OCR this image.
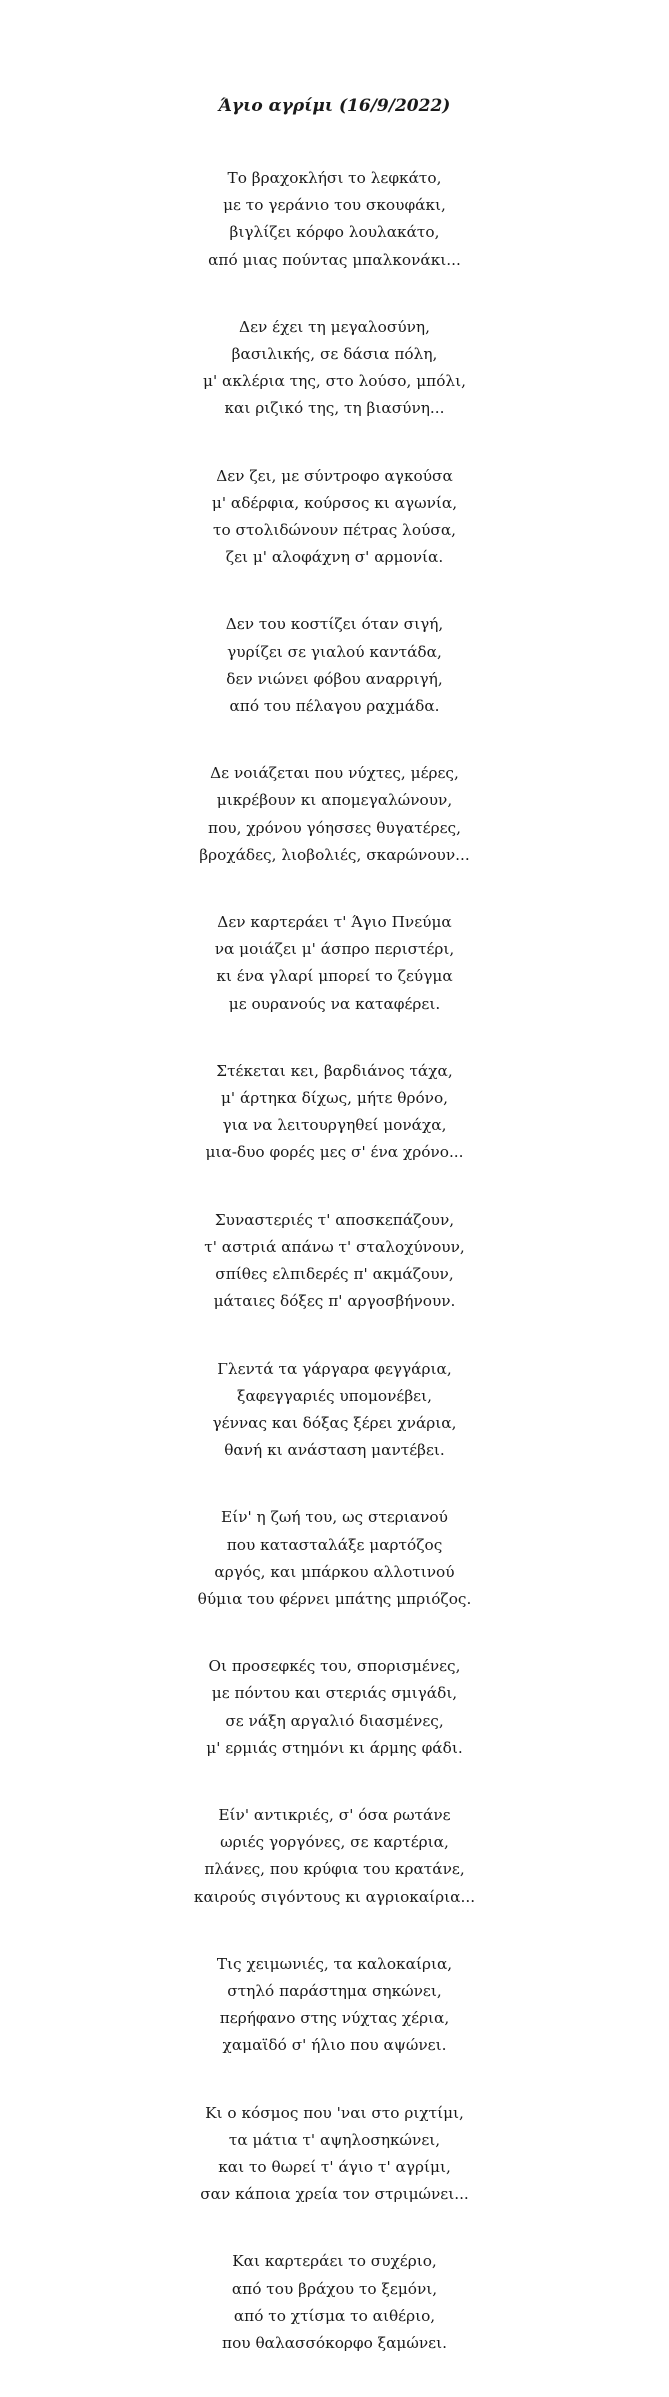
Άγιο αγρίμι (16/9/2022)
Το βραχοκλήσι το λεφκάτο,
με το γεράνιο του σκουφάκι,
βιγλίζει κόρφο λουλακάτο,
από μιας πούντας μπαλκονάκι...
Δεν έχει τη μεγαλοσύνη,
βασιλικής, σε δάσια πόλη,
μ' ακλέρια της, στο λούσο, μπόλι,
και ριζικό της, τη βιασύνη...
Δεν ζει, με σύντροφο αγκούσα
μ' αδέρφια, κούρσος κι αγωνία,
το στολιδώνουν πέτρας λούσα,
ζει μ' αλοφάχνη σ' αρμονία.
Δεν του κοστίζει όταν σιγή,
γυρίζει σε γιαλού καντάδα,
δεν νιώνει φόβου αναρριγή,
από του πέλαγου ραχμάδα.
Δε νοιάζεται που νύχτες, μέρες,
μικρέβουν κι απομεγαλώνουν,
που, χρόνου γόησσες θυγατέρες,
βροχάδες, λιοβολιές, σκαρώνουν...
Δεν καρτεράει τ' Άγιο Πνεύμα
να μοιάζει μ' άσπρο περιστέρι,
κι ένα γλαρί μπορεί το ζεύγμα
με ουρανούς να καταφέρει.
Στέκεται κει, βαρδιάνος τάχα,
μ' άρτηκα δίχως, μήτε θρόνο,
για να λειτουργηθεί μονάχα,
μια-δυο φορές μες σ' ένα χρόνο...
Συναστεριές τ' αποσκεπάζουν,
τ' αστριά απάνω τ' σταλοχύνουν,
σπίθες ελπιδερές π' ακμάζουν,
μάταιες δόξες π' αργοσβήνουν.
Γλεντά τα γάργαρα φεγγάρια,
ξαφεγγαριές υπομονέβει,
γέννας και δόξας ξέρει χνάρια,
θανή κι ανάσταση μαντέβει.
Είν' η ζωή του, ως στεριανού
που κατασταλάξε μαρτόζος
αργός, και μπάρκου αλλοτινού
θύμια του φέρνει μπάτης μπριόζος.
Οι προσεφκές του, σπορισμένες,
με πόντου και στεριάς σμιγάδι,
σε νάξη αργαλιό διασμένες,
μ' ερμιάς στημόνι κι άρμης φάδι.
Είν' αντικριές, σ' όσα ρωτάνε
ωριές γοργόνες, σε καρτέρια,
πλάνες, που κρύφια του κρατάνε,
καιρούς σιγόντους κι αγριοκαίρια...
Τις χειμωνιές, τα καλοκαίρια,
στηλό παράστημα σηκώνει,
περήφανο στης νύχτας χέρια,
χαμαϊδό σ' ήλιο που αψώνει.
Κι ο κόσμος που 'ναι στο ριχτίμι,
τα μάτια τ' αψηλοσηκώνει,
και το θωρεί τ' άγιο τ' αγρίμι,
σαν κάποια χρεία τον στριμώνει...
Και καρτεράει το συχέριο,
από του βράχου το ξεμόνι,
από το χτίσμα το αιθέριο,
που θαλασσόκορφο ξαμώνει.
